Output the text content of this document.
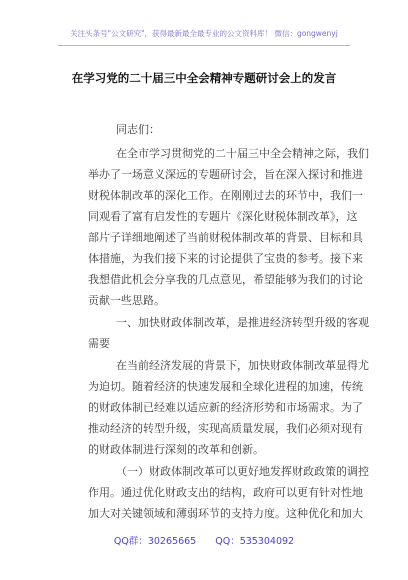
关注头条号"公文研究"，获得最新最全最专业的公文资料库！ 微信：gongwenyj
在学习党的二十届三中全会精神专题研讨会上的发言
同志们：
在全市学习贯彻党的二十届三中全会精神之际，我们
举办了一场意义深远的专题研讨会，旨在深入探讨和推进
财税体制改革的深化工作。在刚刚过去的环节中，我们一
同观看了富有启发性的专题片《深化财税体制改革》，这
部片子详细地阐述了当前财税体制改革的背景、目标和具
体措施，为我们接下来的讨论提供了宝贵的参考。接下来
我想借此机会分享我的几点意见，希望能够为我们的讨论
贡献一些思路。
一、加快财政体制改革，是推进经济转型升级的客观
需要
在当前经济发展的背景下，加快财政体制改革显得尤
为迫切。随着经济的快速发展和全球化进程的加速，传统
的财政体制已经难以适应新的经济形势和市场需求。为了
推动经济的转型升级，实现高质量发展，我们必须对现有
的财政体制进行深刻的改革和创新。
（一）财政体制改革可以更好地发挥财政政策的调控
作用。通过优化财政支出的结构，政府可以更有针对性地
加大对关键领域和薄弱环节的支持力度。这种优化和加大
QQ群：30265665 QQ：535304092
